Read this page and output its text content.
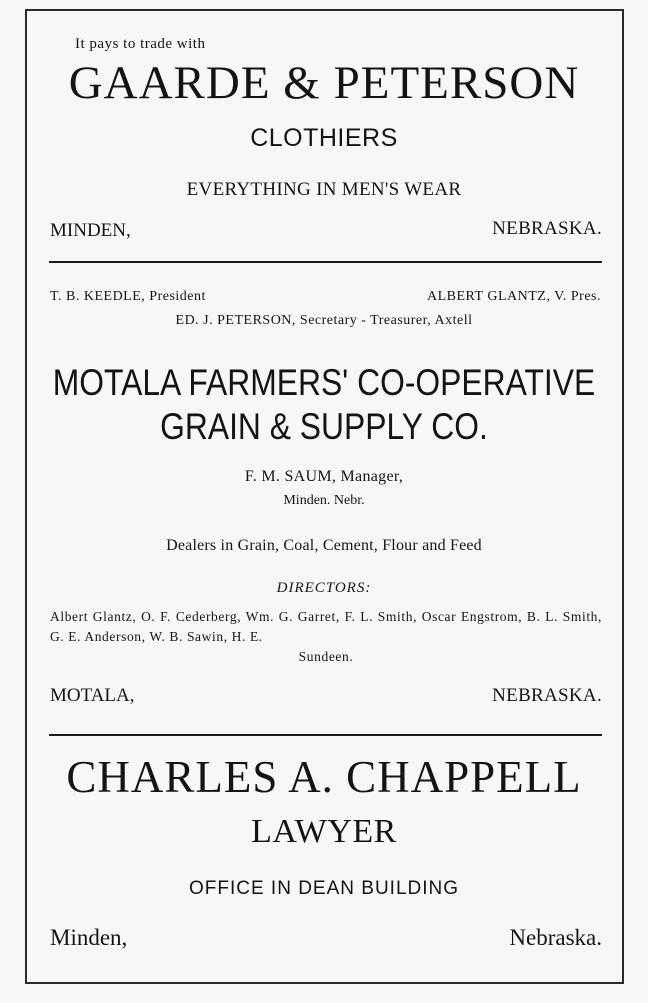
It pays to trade with

GAARDE & PETERSON

CLOTHIERS

EVERYTHING IN MEN'S WEAR

MINDEN,	NEBRASKA.

T. B. KEEDLE, President	ALBERT GLANTZ, V. Pres.

ED. J. PETERSON, Secretary - Treasurer, Axtell

MOTALA FARMERS' CO-OPERATIVE

GRAIN & SUPPLY CO.

F. M. SAUM, Manager,

Minden. Nebr.

Dealers in Grain, Coal, Cement, Flour and Feed

DIRECTORS:

Albert Glantz, O. F. Cederberg, Wm. G. Garret, F. L. Smith, Oscar Engstrom, B. L. Smith, G. E. Anderson, W. B. Sawin, H. E.
Sundeen.

MOTALA,	NEBRASKA.

CHARLES A. CHAPPELL

LAWYER

OFFICE IN DEAN BUILDING

Minden,	Nebraska.
